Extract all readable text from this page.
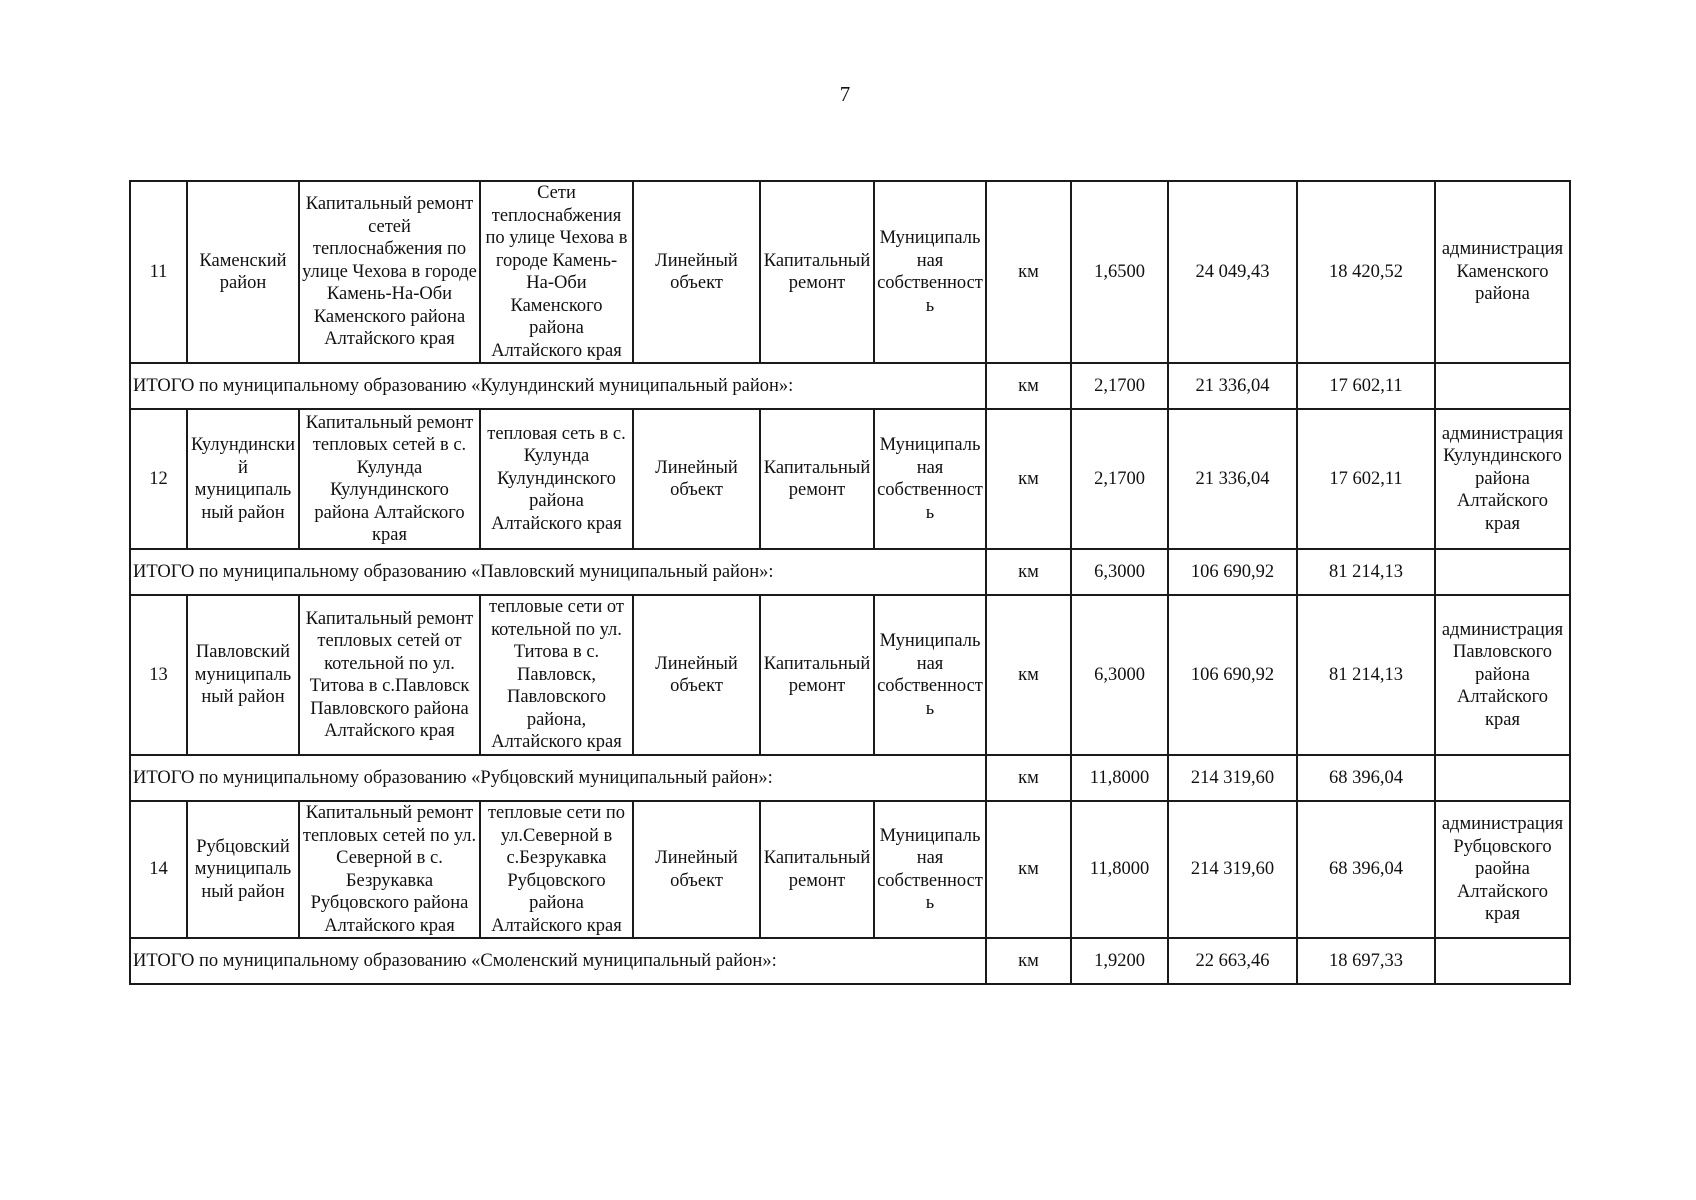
7
11	Каменский район	Капитальный ремонт сетей теплоснабжения по улице Чехова в городе Камень-На-Оби Каменского района Алтайского края	Сети теплоснабжения по улице Чехова в городе Камень-На-Оби Каменского района Алтайского края	Линейный объект	Капитальный ремонт	Муниципальная собственность	км	1,6500	24 049,43	18 420,52	администрация Каменского района
ИТОГО по муниципальному образованию «Кулундинский муниципальный район»:							км	2,1700	21 336,04	17 602,11	
12	Кулундинский муниципальный район	Капитальный ремонт тепловых сетей в с. Кулунда Кулундинского района Алтайского края	тепловая сеть в с. Кулунда Кулундинского района Алтайского края	Линейный объект	Капитальный ремонт	Муниципальная собственность	км	2,1700	21 336,04	17 602,11	администрация Кулундинского района Алтайского края
ИТОГО по муниципальному образованию «Павловский муниципальный район»:							км	6,3000	106 690,92	81 214,13	
13	Павловский муниципальный район	Капитальный ремонт тепловых сетей от котельной по ул. Титова в с.Павловск Павловского района Алтайского края	тепловые сети от котельной по ул. Титова в с. Павловск, Павловского района, Алтайского края	Линейный объект	Капитальный ремонт	Муниципальная собственность	км	6,3000	106 690,92	81 214,13	администрация Павловского района Алтайского края
ИТОГО по муниципальному образованию «Рубцовский муниципальный район»:							км	11,8000	214 319,60	68 396,04	
14	Рубцовский муниципальный район	Капитальный ремонт тепловых сетей по ул. Северной в с. Безрукавка Рубцовского района Алтайского края	тепловые сети по ул.Северной в с.Безрукавка Рубцовского района Алтайского края	Линейный объект	Капитальный ремонт	Муниципальная собственность	км	11,8000	214 319,60	68 396,04	администрация Рубцовского раойна Алтайского края
ИТОГО по муниципальному образованию «Смоленский муниципальный район»:							км	1,9200	22 663,46	18 697,33	
